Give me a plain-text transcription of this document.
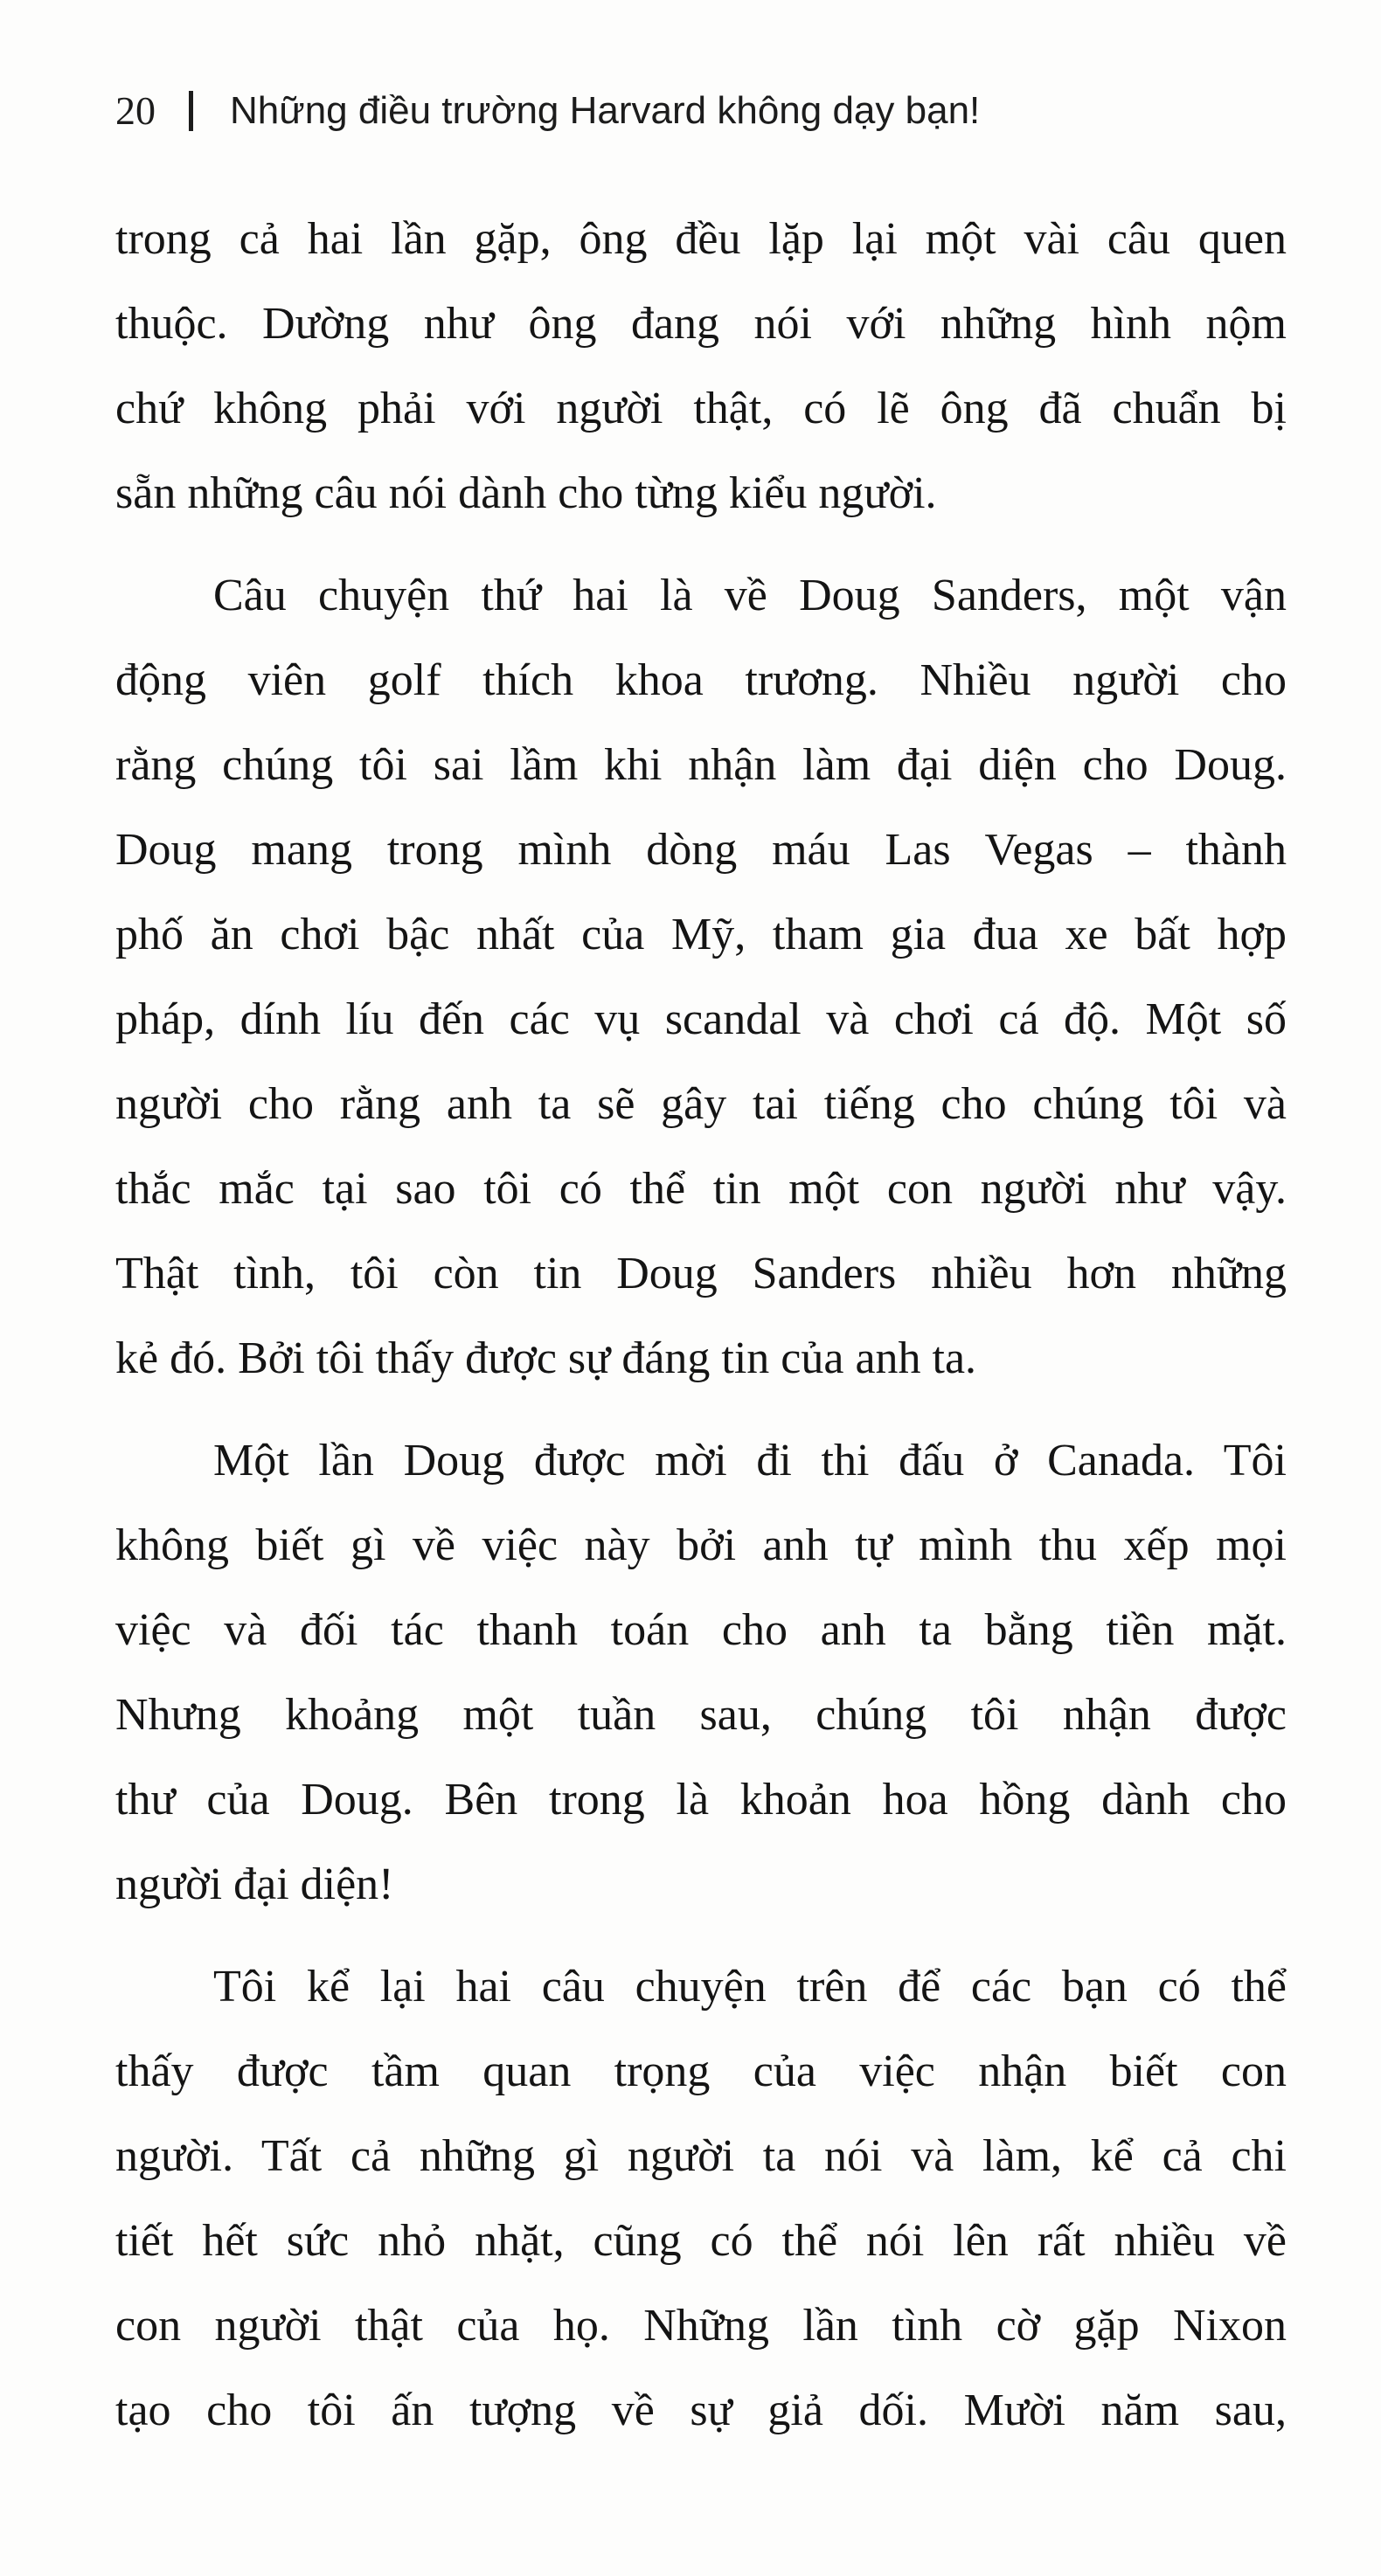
20 Những điều trường Harvard không dạy bạn!
trong cả hai lần gặp, ông đều lặp lại một vài câu quen
thuộc. Dường như ông đang nói với những hình nộm
chứ không phải với người thật, có lẽ ông đã chuẩn bị
sẵn những câu nói dành cho từng kiểu người.
Câu chuyện thứ hai là về Doug Sanders, một vận
động viên golf thích khoa trương. Nhiều người cho
rằng chúng tôi sai lầm khi nhận làm đại diện cho Doug.
Doug mang trong mình dòng máu Las Vegas – thành
phố ăn chơi bậc nhất của Mỹ, tham gia đua xe bất hợp
pháp, dính líu đến các vụ scandal và chơi cá độ. Một số
người cho rằng anh ta sẽ gây tai tiếng cho chúng tôi và
thắc mắc tại sao tôi có thể tin một con người như vậy.
Thật tình, tôi còn tin Doug Sanders nhiều hơn những
kẻ đó. Bởi tôi thấy được sự đáng tin của anh ta.
Một lần Doug được mời đi thi đấu ở Canada. Tôi
không biết gì về việc này bởi anh tự mình thu xếp mọi
việc và đối tác thanh toán cho anh ta bằng tiền mặt.
Nhưng khoảng một tuần sau, chúng tôi nhận được
thư của Doug. Bên trong là khoản hoa hồng dành cho
người đại diện!
Tôi kể lại hai câu chuyện trên để các bạn có thể
thấy được tầm quan trọng của việc nhận biết con
người. Tất cả những gì người ta nói và làm, kể cả chi
tiết hết sức nhỏ nhặt, cũng có thể nói lên rất nhiều về
con người thật của họ. Những lần tình cờ gặp Nixon
tạo cho tôi ấn tượng về sự giả dối. Mười năm sau,
